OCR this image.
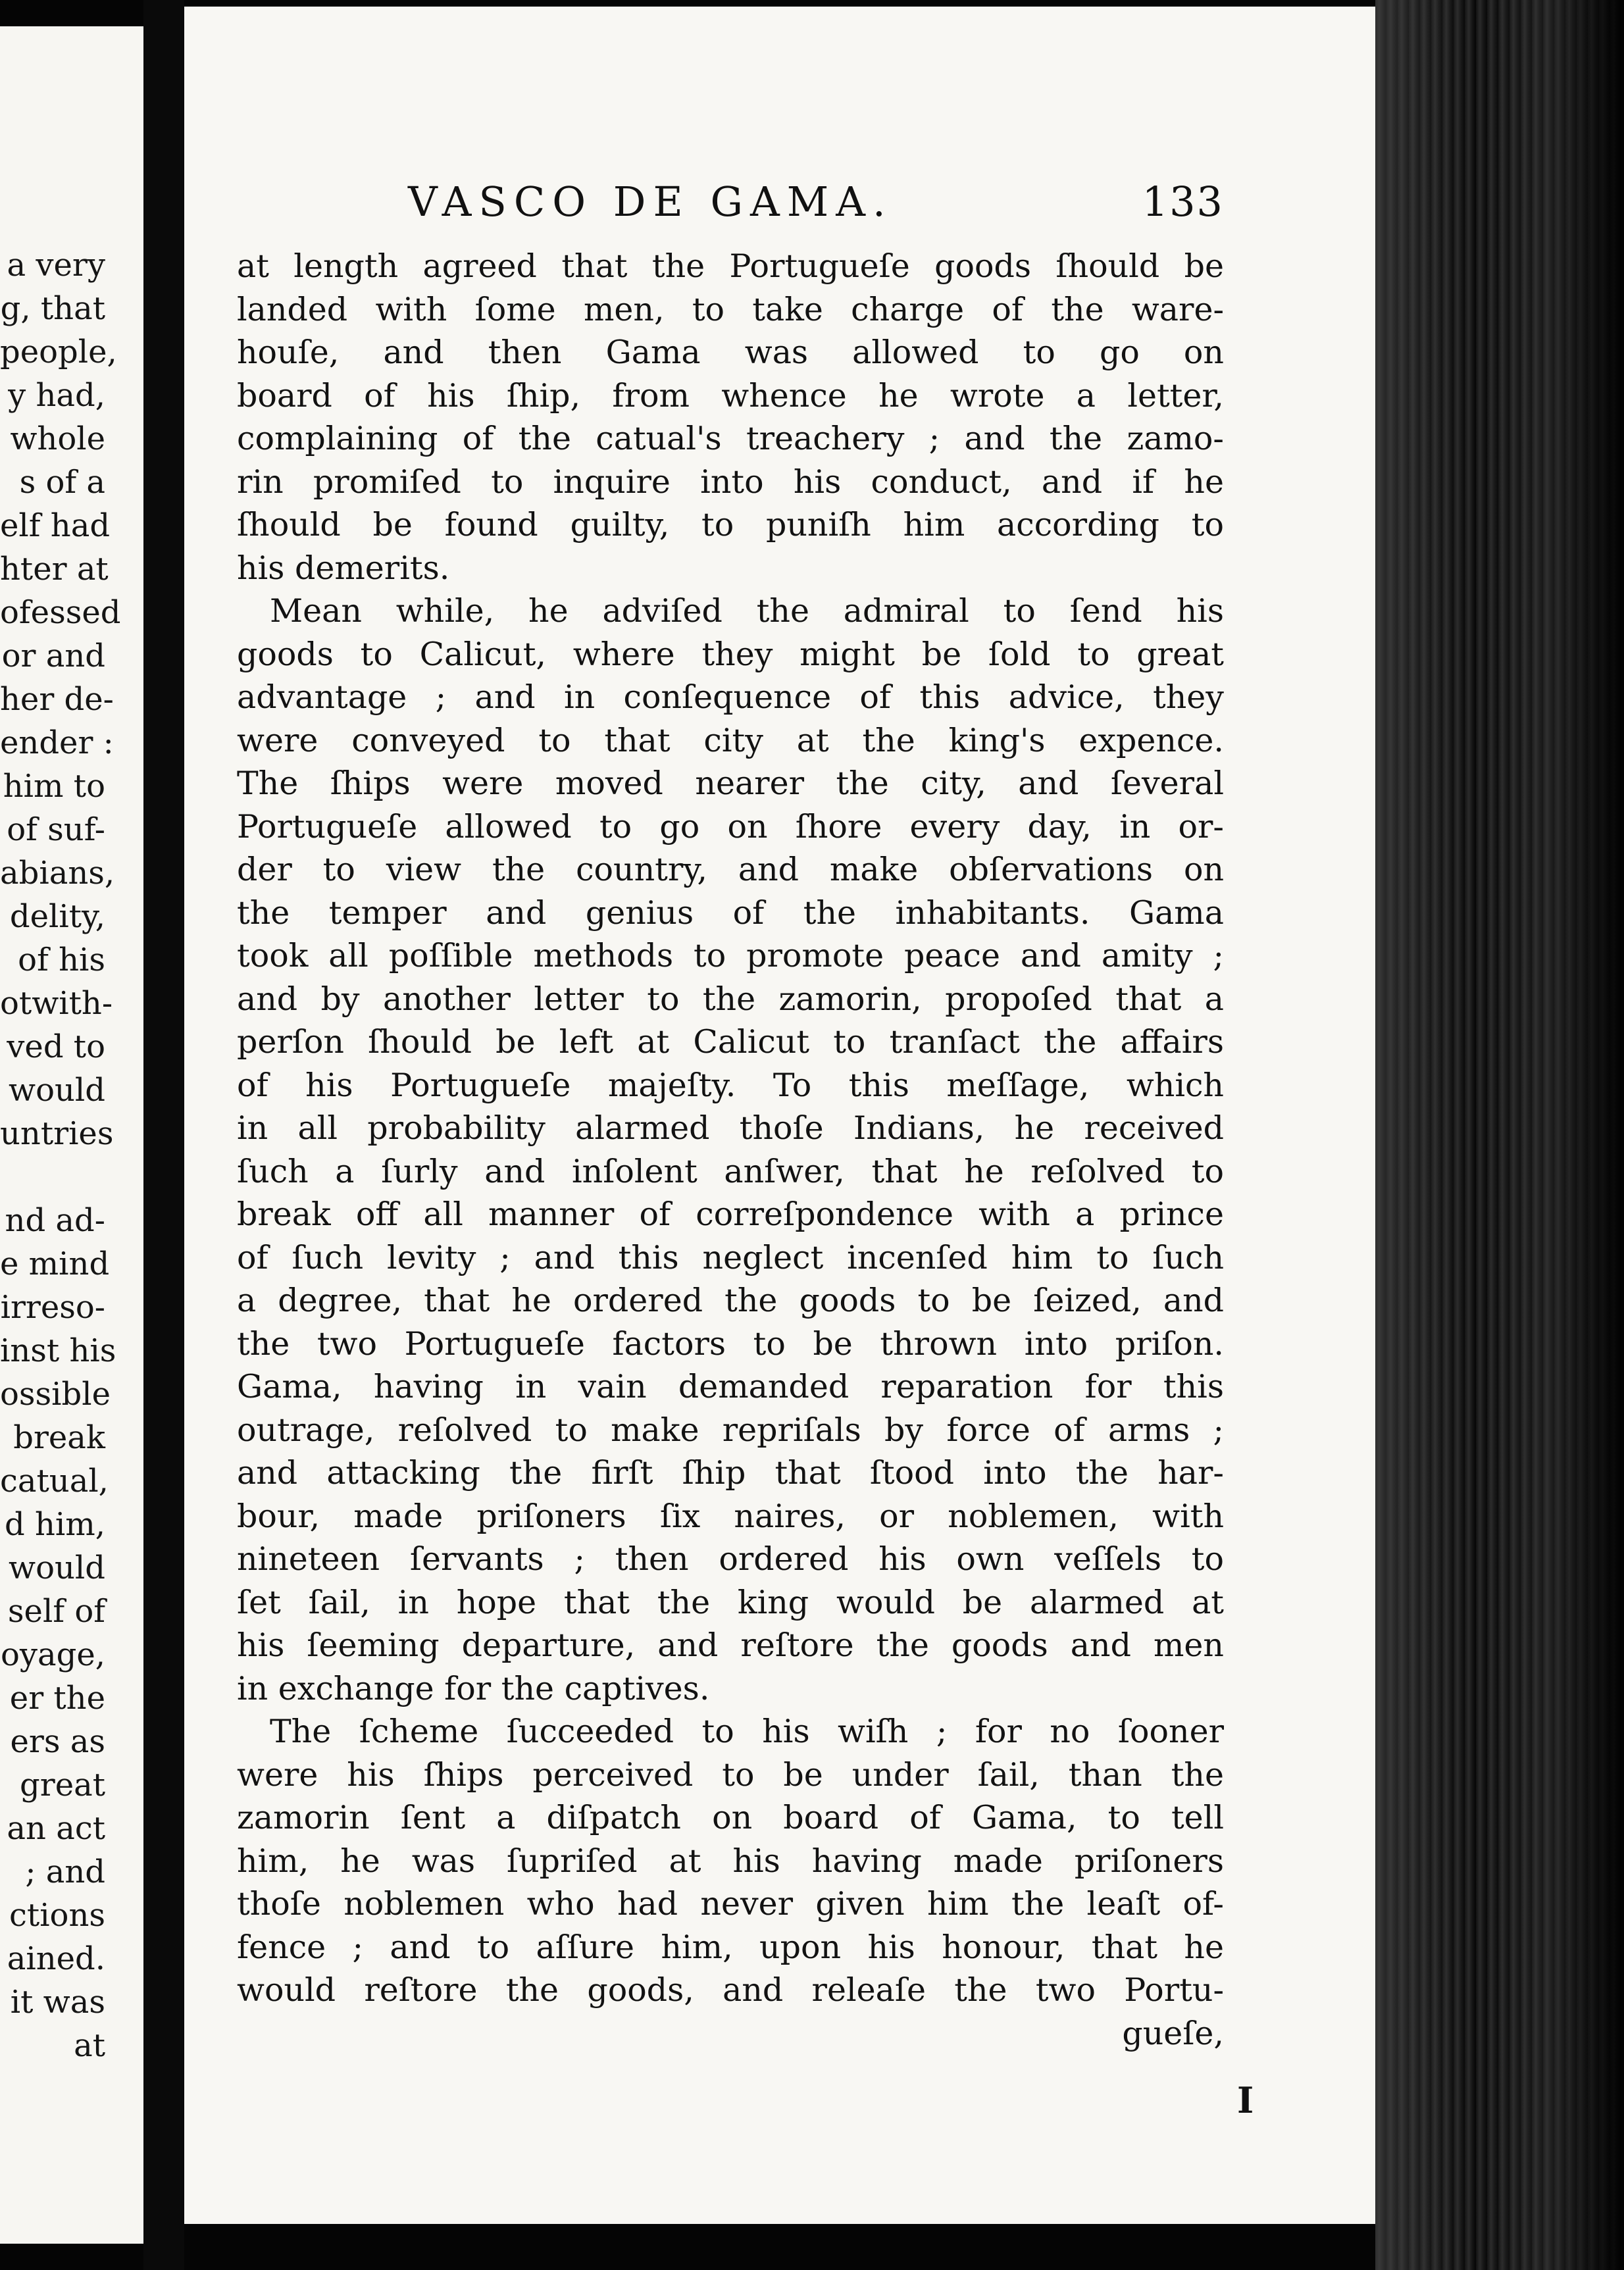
a very
g, that
people,
y had,
whole
s of a
elf had
hter at
ofessed
or and
her de-
ender :
him to
of suf-
abians,
delity,
of his
otwith-
ved to
would
untries
nd ad-
e mind
irreso-
inst his
ossible
break
catual,
d him,
would
self of
oyage,
er the
ers as
great
an act
; and
ctions
ained.
it was
at
VASCO DE GAMA.	133
at length agreed that the Portugueſe goods ſhould be
landed with ſome men, to take charge of the ware-
houſe, and then Gama was allowed to go on
board of his ſhip, from whence he wrote a letter,
complaining of the catual's treachery ; and the zamo-
rin promiſed to inquire into his conduct, and if he
ſhould be found guilty, to puniſh him according to
his demerits.
Mean while, he adviſed the admiral to ſend his
goods to Calicut, where they might be ſold to great
advantage ; and in conſequence of this advice, they
were conveyed to that city at the king's expence.
The ſhips were moved nearer the city, and ſeveral
Portugueſe allowed to go on ſhore every day, in or-
der to view the country, and make obſervations on
the temper and genius of the inhabitants. Gama
took all poſſible methods to promote peace and amity ;
and by another letter to the zamorin, propoſed that a
perſon ſhould be left at Calicut to tranſact the affairs
of his Portugueſe majeſty. To this meſſage, which
in all probability alarmed thoſe Indians, he received
ſuch a ſurly and inſolent anſwer, that he reſolved to
break off all manner of correſpondence with a prince
of ſuch levity ; and this neglect incenſed him to ſuch
a degree, that he ordered the goods to be ſeized, and
the two Portugueſe factors to be thrown into priſon.
Gama, having in vain demanded reparation for this
outrage, reſolved to make repriſals by force of arms ;
and attacking the firſt ſhip that ſtood into the har-
bour, made priſoners ſix naires, or noblemen, with
nineteen ſervants ; then ordered his own veſſels to
ſet ſail, in hope that the king would be alarmed at
his ſeeming departure, and reſtore the goods and men
in exchange for the captives.
The ſcheme ſucceeded to his wiſh ; for no ſooner
were his ſhips perceived to be under ſail, than the
zamorin ſent a diſpatch on board of Gama, to tell
him, he was ſupriſed at his having made priſoners
thoſe noblemen who had never given him the leaſt of-
fence ; and to aſſure him, upon his honour, that he
would reſtore the goods, and releaſe the two Portu-
gueſe,
I
